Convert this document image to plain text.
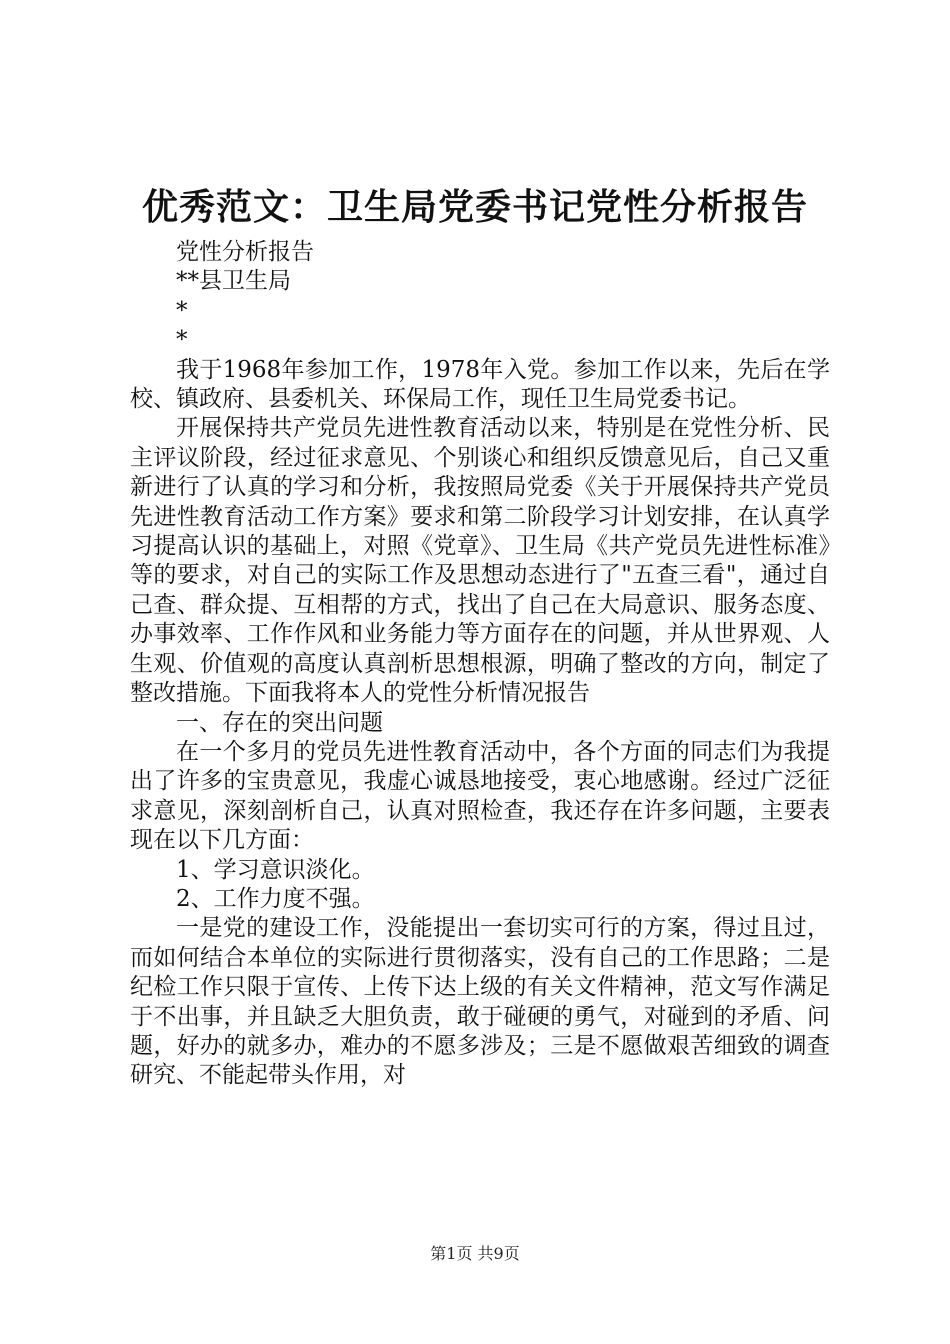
优秀范文：卫生局党委书记党性分析报告

党性分析报告

**县卫生局

*

*

我于1968年参加工作，1978年入党。参加工作以来，先后在学校、镇政府、县委机关、环保局工作，现任卫生局党委书记。

开展保持共产党员先进性教育活动以来，特别是在党性分析、民主评议阶段，经过征求意见、个别谈心和组织反馈意见后，自己又重新进行了认真的学习和分析，我按照局党委《关于开展保持共产党员先进性教育活动工作方案》要求和第二阶段学习计划安排，在认真学习提高认识的基础上，对照《党章》、卫生局《共产党员先进性标准》等的要求，对自己的实际工作及思想动态进行了"五查三看"，通过自己查、群众提、互相帮的方式，找出了自己在大局意识、服务态度、办事效率、工作作风和业务能力等方面存在的问题，并从世界观、人生观、价值观的高度认真剖析思想根源，明确了整改的方向，制定了整改措施。下面我将本人的党性分析情况报告

一、存在的突出问题

在一个多月的党员先进性教育活动中，各个方面的同志们为我提出了许多的宝贵意见，我虚心诚恳地接受，衷心地感谢。经过广泛征求意见，深刻剖析自己，认真对照检查，我还存在许多问题，主要表现在以下几方面：

1、学习意识淡化。

2、工作力度不强。

一是党的建设工作，没能提出一套切实可行的方案，得过且过，而如何结合本单位的实际进行贯彻落实，没有自己的工作思路；二是纪检工作只限于宣传、上传下达上级的有关文件精神，范文写作满足于不出事，并且缺乏大胆负责，敢于碰硬的勇气，对碰到的矛盾、问题，好办的就多办，难办的不愿多涉及；三是不愿做艰苦细致的调查研究、不能起带头作用，对

第1页 共9页
